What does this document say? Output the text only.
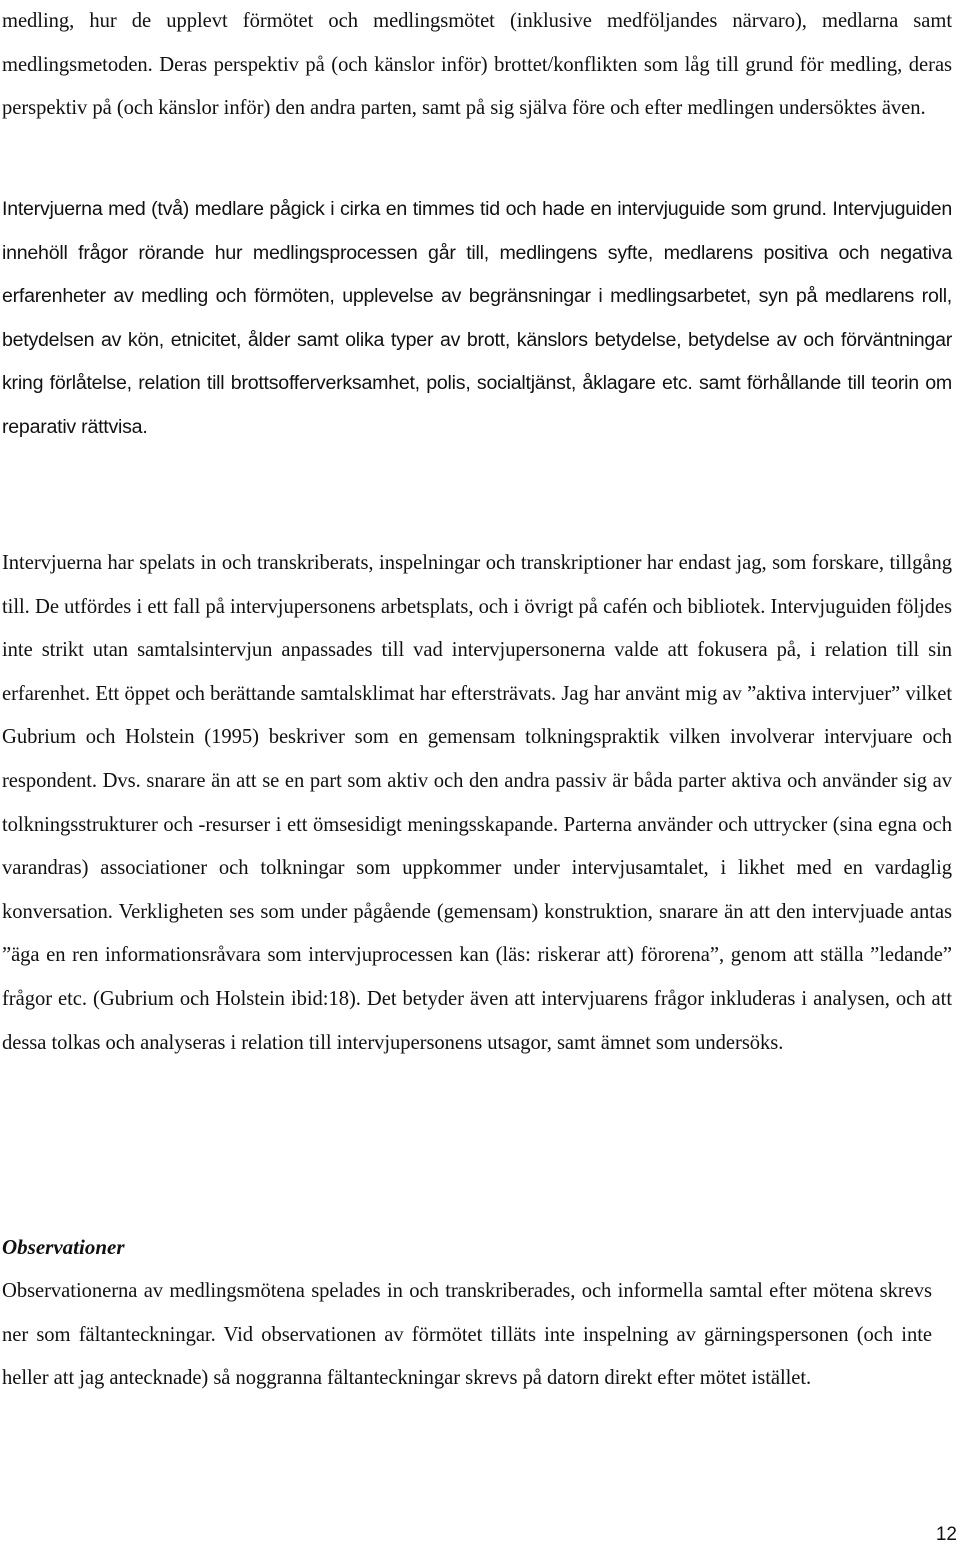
medling, hur de upplevt förmötet och medlingsmötet (inklusive medföljandes närvaro), medlarna samt medlingsmetoden. Deras perspektiv på (och känslor inför) brottet/konflikten som låg till grund för medling, deras perspektiv på (och känslor inför) den andra parten, samt på sig själva före och efter medlingen undersöktes även.

Intervjuerna med (två) medlare pågick i cirka en timmes tid och hade en intervjuguide som grund. Intervjuguiden innehöll frågor rörande hur medlingsprocessen går till, medlingens syfte, medlarens positiva och negativa erfarenheter av medling och förmöten, upplevelse av begränsningar i medlingsarbetet, syn på medlarens roll, betydelsen av kön, etnicitet, ålder samt olika typer av brott, känslors betydelse, betydelse av och förväntningar kring förlåtelse, relation till brottsofferverksamhet, polis, socialtjänst, åklagare etc. samt förhållande till teorin om reparativ rättvisa.

Intervjuerna har spelats in och transkriberats, inspelningar och transkriptioner har endast jag, som forskare, tillgång till. De utfördes i ett fall på intervjupersonens arbetsplats, och i övrigt på cafén och bibliotek. Intervjuguiden följdes inte strikt utan samtalsintervjun anpassades till vad intervjupersonerna valde att fokusera på, i relation till sin erfarenhet. Ett öppet och berättande samtalsklimat har eftersträvats. Jag har använt mig av ”aktiva intervjuer” vilket Gubrium och Holstein (1995) beskriver som en gemensam tolkningspraktik vilken involverar intervjuare och respondent. Dvs. snarare än att se en part som aktiv och den andra passiv är båda parter aktiva och använder sig av tolkningsstrukturer och -resurser i ett ömsesidigt meningsskapande. Parterna använder och uttrycker (sina egna och varandras) associationer och tolkningar som uppkommer under intervjusamtalet, i likhet med en vardaglig konversation. Verkligheten ses som under pågående (gemensam) konstruktion, snarare än att den intervjuade antas ”äga en ren informationsråvara som intervjuprocessen kan (läs: riskerar att) förorena”, genom att ställa ”ledande” frågor etc. (Gubrium och Holstein ibid:18). Det betyder även att intervjuarens frågor inkluderas i analysen, och att dessa tolkas och analyseras i relation till intervjupersonens utsagor, samt ämnet som undersöks.

Observationer

Observationerna av medlingsmötena spelades in och transkriberades, och informella samtal efter mötena skrevs ner som fältanteckningar. Vid observationen av förmötet tilläts inte inspelning av gärningspersonen (och inte heller att jag antecknade) så noggranna fältanteckningar skrevs på datorn direkt efter mötet istället.

12
